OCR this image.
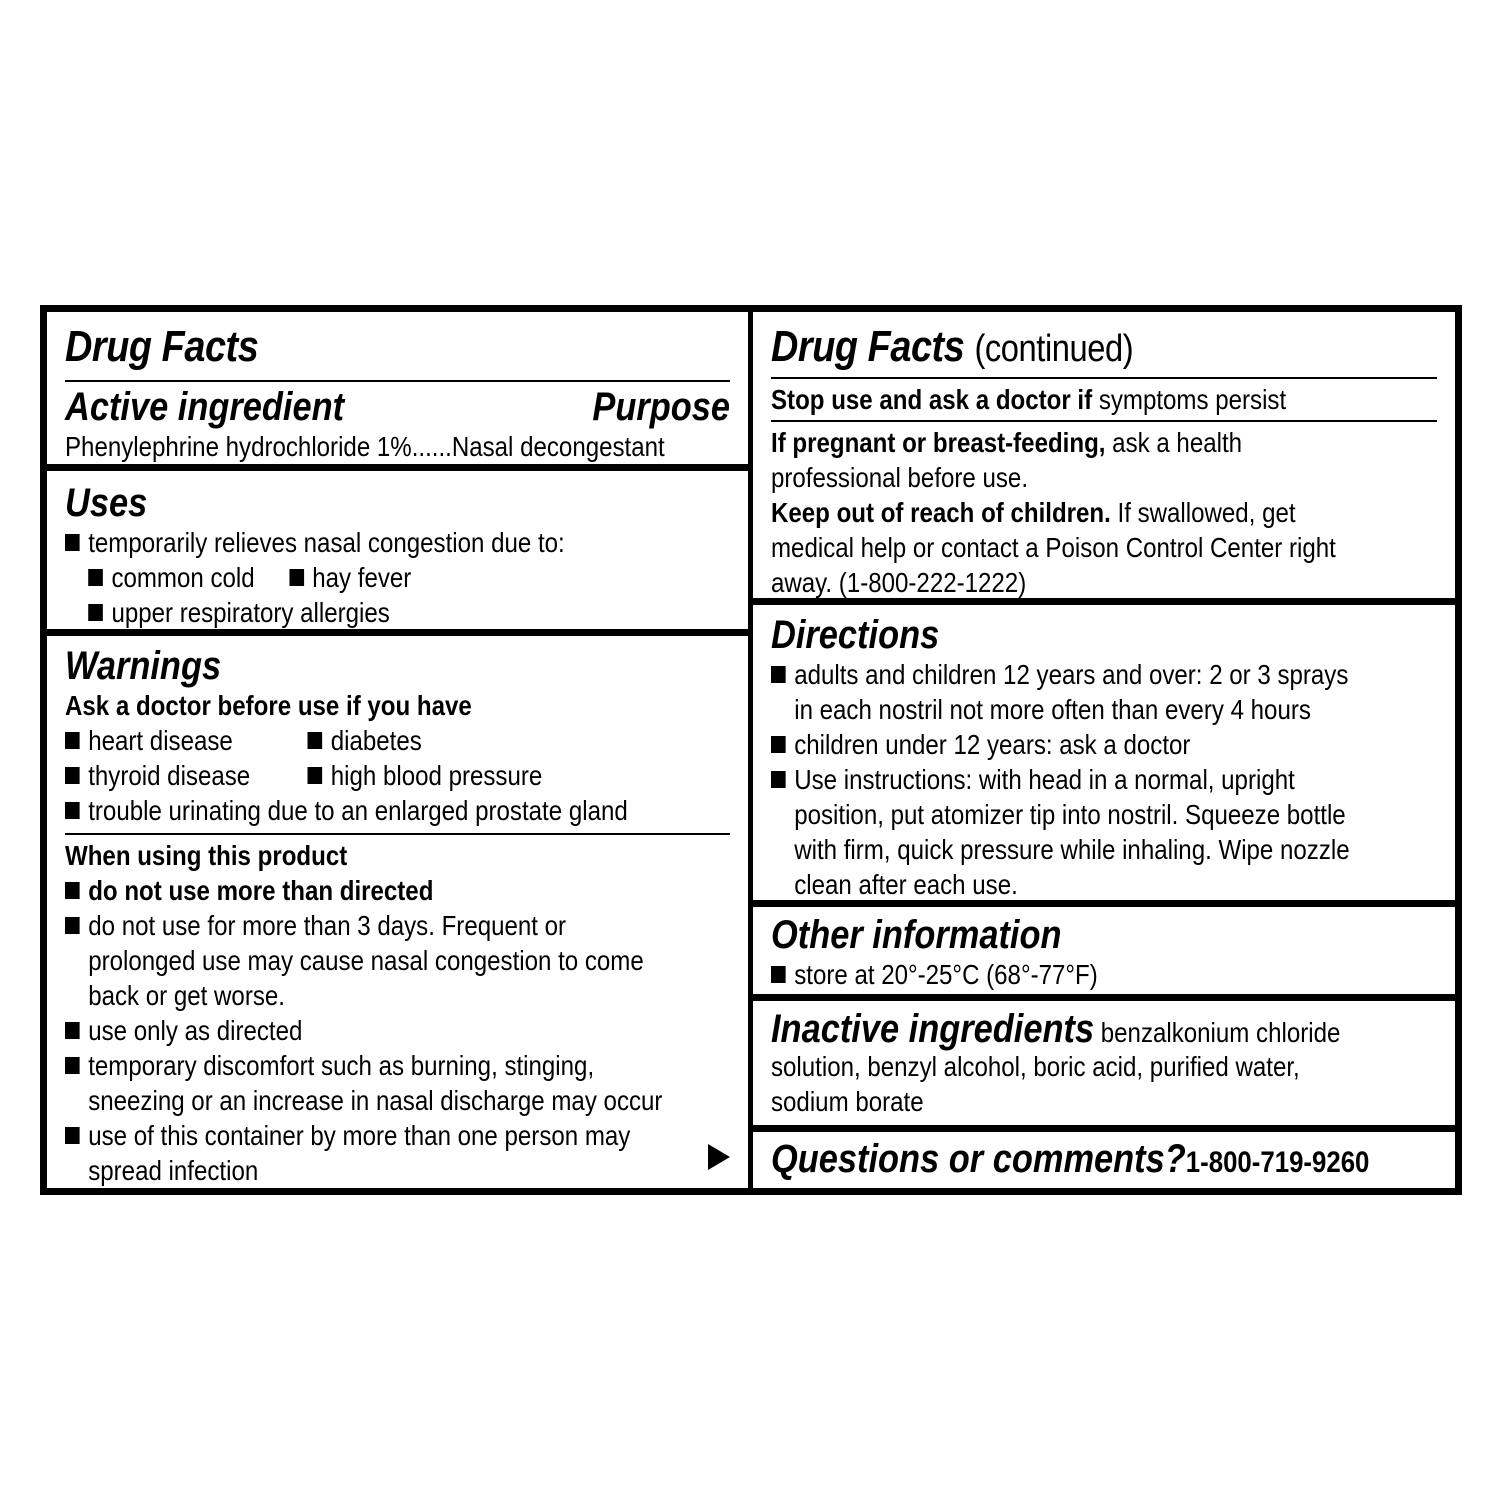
Drug Facts
Active ingredient	Purpose
Phenylephrine hydrochloride 1%......Nasal decongestant
Uses
temporarily relieves nasal congestion due to:
common cold hay fever
upper respiratory allergies
Warnings
Ask a doctor before use if you have
heart disease	diabetes
thyroid disease	high blood pressure
trouble urinating due to an enlarged prostate gland
When using this product
do not use more than directed
do not use for more than 3 days. Frequent or
prolonged use may cause nasal congestion to come
back or get worse.
use only as directed
temporary discomfort such as burning, stinging,
sneezing or an increase in nasal discharge may occur
use of this container by more than one person may
spread infection
Drug Facts (continued)
Stop use and ask a doctor if symptoms persist
If pregnant or breast-feeding, ask a health
professional before use.
Keep out of reach of children. If swallowed, get
medical help or contact a Poison Control Center right
away. (1-800-222-1222)
Directions
adults and children 12 years and over: 2 or 3 sprays
in each nostril not more often than every 4 hours
children under 12 years: ask a doctor
Use instructions: with head in a normal, upright
position, put atomizer tip into nostril. Squeeze bottle
with firm, quick pressure while inhaling. Wipe nozzle
clean after each use.
Other information
store at 20°-25°C (68°-77°F)
Inactive ingredients benzalkonium chloride
solution, benzyl alcohol, boric acid, purified water,
sodium borate
Questions or comments?1-800-719-9260
